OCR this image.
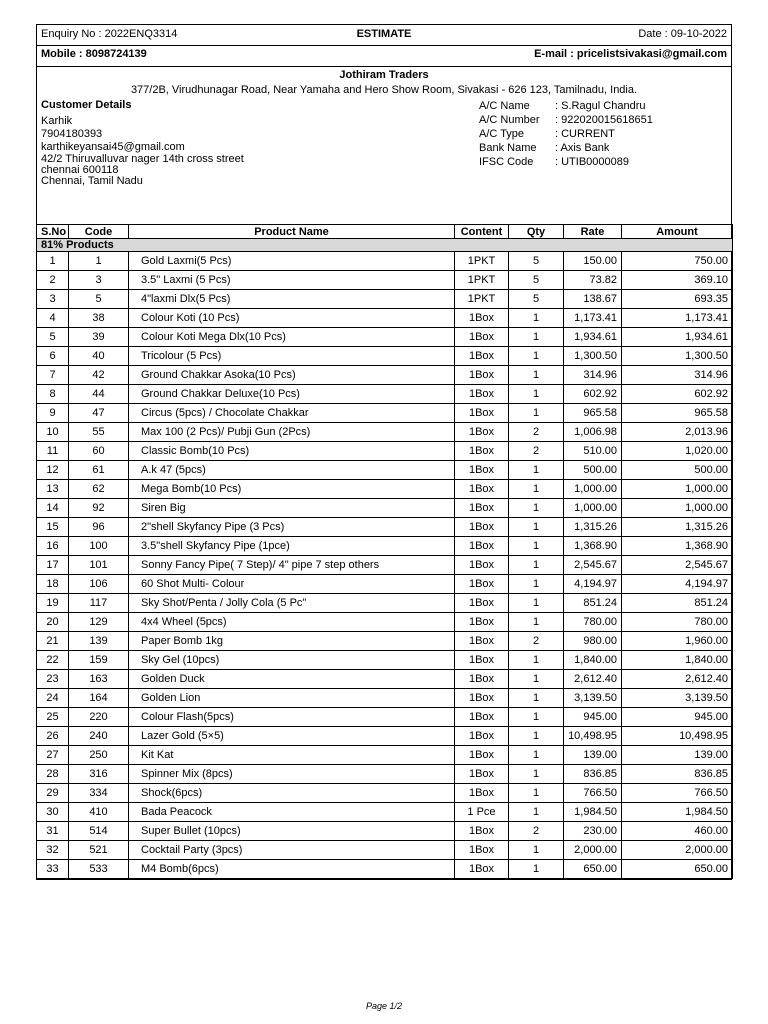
Enquiry No : 2022ENQ3314	ESTIMATE	Date : 09-10-2022
Mobile : 8098724139	E-mail : pricelistsivakasi@gmail.com
Jothiram Traders
377/2B, Virudhunagar Road, Near Yamaha and Hero Show Room, Sivakasi - 626 123, Tamilnadu, India.
Customer Details
Karhik
7904180393
karthikeyansai45@gmail.com
42/2 Thiruvalluvar nager 14th cross street
chennai 600118
Chennai, Tamil Nadu
A/C Name	: S.Ragul Chandru
A/C Number	: 922020015618651
A/C Type	: CURRENT
Bank Name	: Axis Bank
IFSC Code	: UTIB0000089
S.No	Code	Product Name	Content	Qty	Rate	Amount
81% Products						
1	1	Gold Laxmi(5 Pcs)	1PKT	5	150.00	750.00
2	3	3.5" Laxmi (5 Pcs)	1PKT	5	73.82	369.10
3	5	4"laxmi Dlx(5 Pcs)	1PKT	5	138.67	693.35
4	38	Colour Koti (10 Pcs)	1Box	1	1,173.41	1,173.41
5	39	Colour Koti Mega Dlx(10 Pcs)	1Box	1	1,934.61	1,934.61
6	40	Tricolour (5 Pcs)	1Box	1	1,300.50	1,300.50
7	42	Ground Chakkar Asoka(10 Pcs)	1Box	1	314.96	314.96
8	44	Ground Chakkar Deluxe(10 Pcs)	1Box	1	602.92	602.92
9	47	Circus (5pcs) / Chocolate Chakkar	1Box	1	965.58	965.58
10	55	Max 100 (2 Pcs)/ Pubji Gun (2Pcs)	1Box	2	1,006.98	2,013.96
11	60	Classic Bomb(10 Pcs)	1Box	2	510.00	1,020.00
12	61	A.k 47 (5pcs)	1Box	1	500.00	500.00
13	62	Mega Bomb(10 Pcs)	1Box	1	1,000.00	1,000.00
14	92	Siren Big	1Box	1	1,000.00	1,000.00
15	96	2"shell Skyfancy Pipe (3 Pcs)	1Box	1	1,315.26	1,315.26
16	100	3.5"shell Skyfancy Pipe (1pce)	1Box	1	1,368.90	1,368.90
17	101	Sonny Fancy Pipe( 7 Step)/ 4" pipe 7 step others	1Box	1	2,545.67	2,545.67
18	106	60 Shot Multi- Colour	1Box	1	4,194.97	4,194.97
19	117	Sky Shot/Penta / Jolly Cola (5 Pc"	1Box	1	851.24	851.24
20	129	4x4 Wheel (5pcs)	1Box	1	780.00	780.00
21	139	Paper Bomb 1kg	1Box	2	980.00	1,960.00
22	159	Sky Gel (10pcs)	1Box	1	1,840.00	1,840.00
23	163	Golden Duck	1Box	1	2,612.40	2,612.40
24	164	Golden Lion	1Box	1	3,139.50	3,139.50
25	220	Colour Flash(5pcs)	1Box	1	945.00	945.00
26	240	Lazer Gold (5×5)	1Box	1	10,498.95	10,498.95
27	250	Kit Kat	1Box	1	139.00	139.00
28	316	Spinner Mix (8pcs)	1Box	1	836.85	836.85
29	334	Shock(6pcs)	1Box	1	766.50	766.50
30	410	Bada Peacock	1 Pce	1	1,984.50	1,984.50
31	514	Super Bullet (10pcs)	1Box	2	230.00	460.00
32	521	Cocktail Party (3pcs)	1Box	1	2,000.00	2,000.00
33	533	M4 Bomb(6pcs)	1Box	1	650.00	650.00
Page 1/2
